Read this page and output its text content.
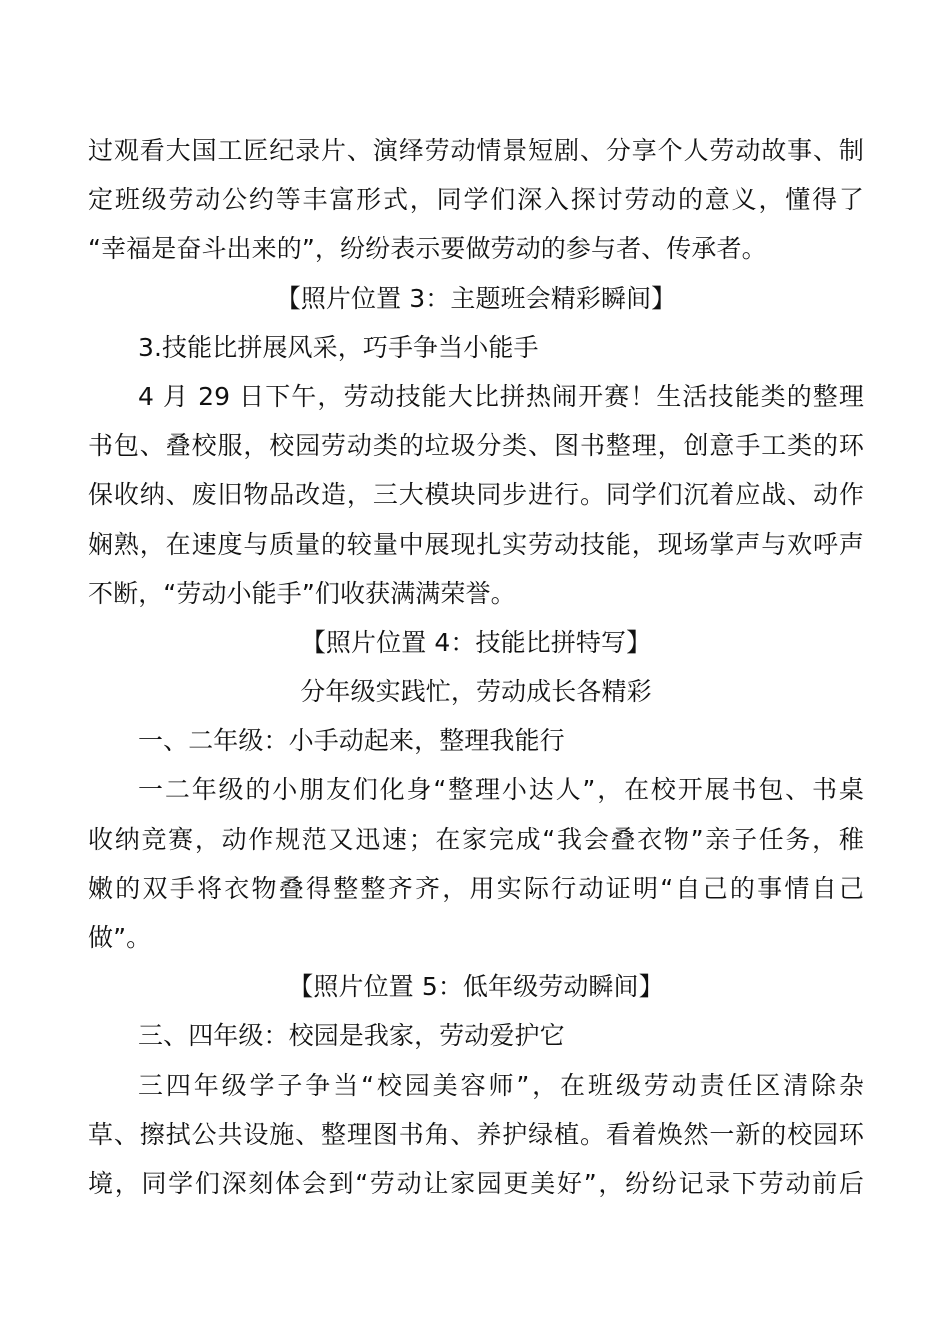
过观看大国工匠纪录片、演绎劳动情景短剧、分享个人劳动故事、制
定班级劳动公约等丰富形式，同学们深入探讨劳动的意义，懂得了
“幸福是奋斗出来的”，纷纷表示要做劳动的参与者、传承者。
【照片位置 3：主题班会精彩瞬间】
3.技能比拼展风采，巧手争当小能手
4 月 29 日下午，劳动技能大比拼热闹开赛！生活技能类的整理
书包、叠校服，校园劳动类的垃圾分类、图书整理，创意手工类的环
保收纳、废旧物品改造，三大模块同步进行。同学们沉着应战、动作
娴熟，在速度与质量的较量中展现扎实劳动技能，现场掌声与欢呼声
不断，“劳动小能手”们收获满满荣誉。
【照片位置 4：技能比拼特写】
分年级实践忙，劳动成长各精彩
一、二年级：小手动起来，整理我能行
一二年级的小朋友们化身“整理小达人”，在校开展书包、书桌
收纳竞赛，动作规范又迅速；在家完成“我会叠衣物”亲子任务，稚
嫩的双手将衣物叠得整整齐齐，用实际行动证明“自己的事情自己
做”。
【照片位置 5：低年级劳动瞬间】
三、四年级：校园是我家，劳动爱护它
三四年级学子争当“校园美容师”，在班级劳动责任区清除杂
草、擦拭公共设施、整理图书角、养护绿植。看着焕然一新的校园环
境，同学们深刻体会到“劳动让家园更美好”，纷纷记录下劳动前后
